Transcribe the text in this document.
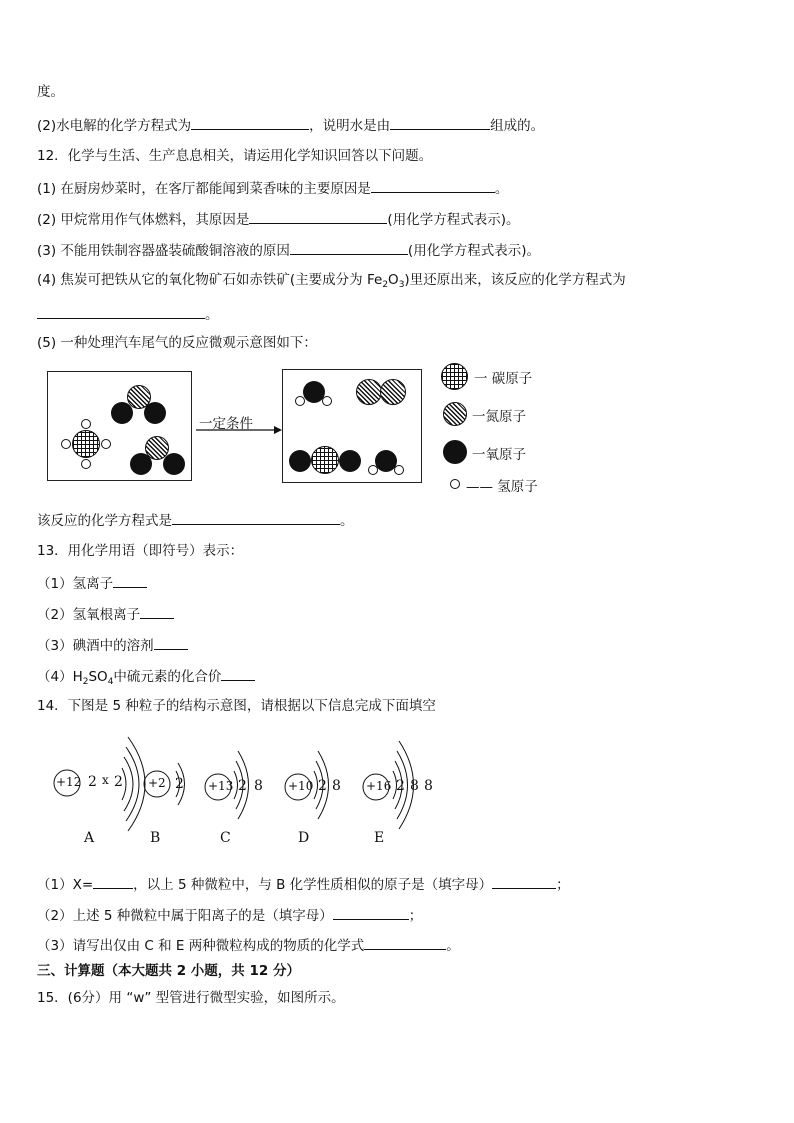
度。
(2)水电解的化学方程式为	，说明水是由	组成的。
12．化学与生活、生产息息相关，请运用化学知识回答以下问题。
(1) 在厨房炒菜时，在客厅都能闻到菜香味的主要原因是	。
(2) 甲烷常用作气体燃料，其原因是	(用化学方程式表示)。
(3) 不能用铁制容器盛装硫酸铜溶液的原因	(用化学方程式表示)。
(4) 焦炭可把铁从它的氧化物矿石如赤铁矿(主要成分为 $Fe_2O_3$)里还原出来，该反应的化学方程式为
。
(5) 一种处理汽车尾气的反应微观示意图如下：
一定条件
一 碳原子
一氮原子
一氧原子
—— 氢原子
该反应的化学方程式是	。
13．用化学用语（即符号）表示：
（1）氢离子
（2）氢氧根离子
（3）碘酒中的溶剂
$(4)H_2SO_4$中硫元素的化合价
14．下图是 5 种粒子的结构示意图，请根据以下信息完成下面填空
+12 2 x 2
A
+2 2
B
+13 2 8
C
+10 2 8
D
+16 2 8 8
E
（1）X=	，以上 5 种微粒中，与 B 化学性质相似的原子是（填字母）	；
（2）上述 5 种微粒中属于阳离子的是（填字母）	；
（3）请写出仅由 C 和 E 两种微粒构成的物质的化学式	。
三、计算题（本大题共 2 小题，共 12 分）
15．(6分）用 “w” 型管进行微型实验，如图所示。
